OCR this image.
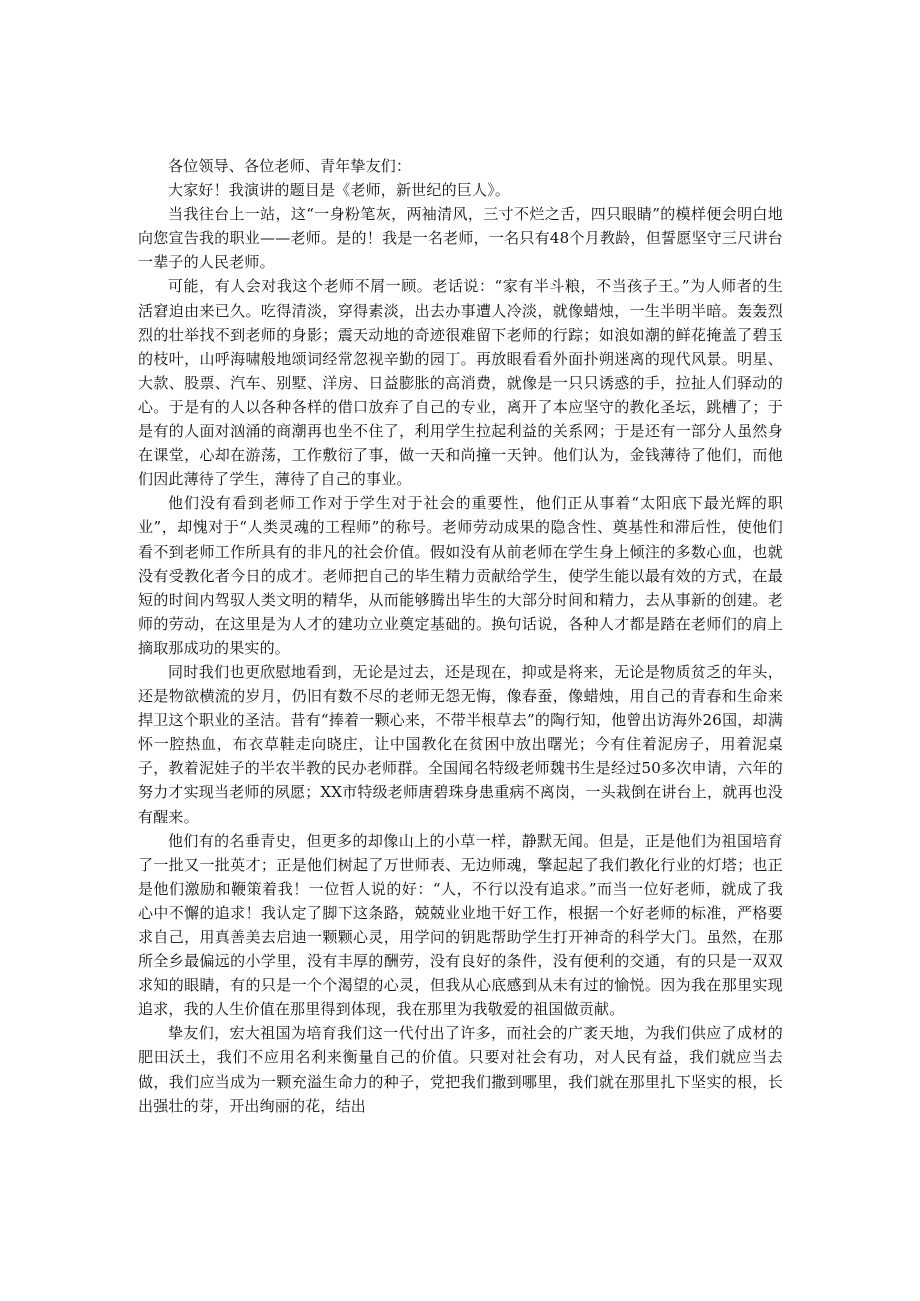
各位领导、各位老师、青年挚友们：

大家好！我演讲的题目是《老师，新世纪的巨人》。

当我往台上一站，这“一身粉笔灰，两袖清风，三寸不烂之舌，四只眼睛”的模样便会明白地向您宣告我的职业——老师。是的！我是一名老师，一名只有48个月教龄，但誓愿坚守三尺讲台一辈子的人民老师。

可能，有人会对我这个老师不屑一顾。老话说：“家有半斗粮，不当孩子王。”为人师者的生活窘迫由来已久。吃得清淡，穿得素淡，出去办事遭人冷淡，就像蜡烛，一生半明半暗。轰轰烈烈的壮举找不到老师的身影；震天动地的奇迹很难留下老师的行踪；如浪如潮的鲜花掩盖了碧玉的枝叶，山呼海啸般地颂词经常忽视辛勤的园丁。再放眼看看外面扑朔迷离的现代风景。明星、大款、股票、汽车、别墅、洋房、日益膨胀的高消费，就像是一只只诱惑的手，拉扯人们驿动的心。于是有的人以各种各样的借口放弃了自己的专业，离开了本应坚守的教化圣坛，跳槽了；于是有的人面对汹涌的商潮再也坐不住了，利用学生拉起利益的关系网；于是还有一部分人虽然身在课堂，心却在游荡，工作敷衍了事，做一天和尚撞一天钟。他们认为，金钱薄待了他们，而他们因此薄待了学生，薄待了自己的事业。

他们没有看到老师工作对于学生对于社会的重要性，他们正从事着“太阳底下最光辉的职业”，却愧对于“人类灵魂的工程师”的称号。老师劳动成果的隐含性、奠基性和滞后性，使他们看不到老师工作所具有的非凡的社会价值。假如没有从前老师在学生身上倾注的多数心血，也就没有受教化者今日的成才。老师把自己的毕生精力贡献给学生，使学生能以最有效的方式，在最短的时间内驾驭人类文明的精华，从而能够腾出毕生的大部分时间和精力，去从事新的创建。老师的劳动，在这里是为人才的建功立业奠定基础的。换句话说，各种人才都是踏在老师们的肩上摘取那成功的果实的。

同时我们也更欣慰地看到，无论是过去，还是现在，抑或是将来，无论是物质贫乏的年头，还是物欲横流的岁月，仍旧有数不尽的老师无怨无悔，像春蚕，像蜡烛，用自己的青春和生命来捍卫这个职业的圣洁。昔有“捧着一颗心来，不带半根草去”的陶行知，他曾出访海外26国，却满怀一腔热血，布衣草鞋走向晓庄，让中国教化在贫困中放出曙光；今有住着泥房子，用着泥桌子，教着泥娃子的半农半教的民办老师群。全国闻名特级老师魏书生是经过50多次申请，六年的努力才实现当老师的夙愿；XX市特级老师唐碧珠身患重病不离岗，一头栽倒在讲台上，就再也没有醒来。

他们有的名垂青史，但更多的却像山上的小草一样，静默无闻。但是，正是他们为祖国培育了一批又一批英才；正是他们树起了万世师表、无边师魂，擎起起了我们教化行业的灯塔；也正是他们激励和鞭策着我！一位哲人说的好：“人，不行以没有追求。”而当一位好老师，就成了我心中不懈的追求！我认定了脚下这条路，兢兢业业地干好工作，根据一个好老师的标准，严格要求自己，用真善美去启迪一颗颗心灵，用学问的钥匙帮助学生打开神奇的科学大门。虽然，在那所全乡最偏远的小学里，没有丰厚的酬劳，没有良好的条件，没有便利的交通，有的只是一双双求知的眼睛，有的只是一个个渴望的心灵，但我从心底感到从未有过的愉悦。因为我在那里实现追求，我的人生价值在那里得到体现，我在那里为我敬爱的祖国做贡献。

挚友们，宏大祖国为培育我们这一代付出了许多，而社会的广袤天地，为我们供应了成材的肥田沃土，我们不应用名利来衡量自己的价值。只要对社会有功，对人民有益，我们就应当去做，我们应当成为一颗充溢生命力的种子，党把我们撒到哪里，我们就在那里扎下坚实的根，长出强壮的芽，开出绚丽的花，结出
